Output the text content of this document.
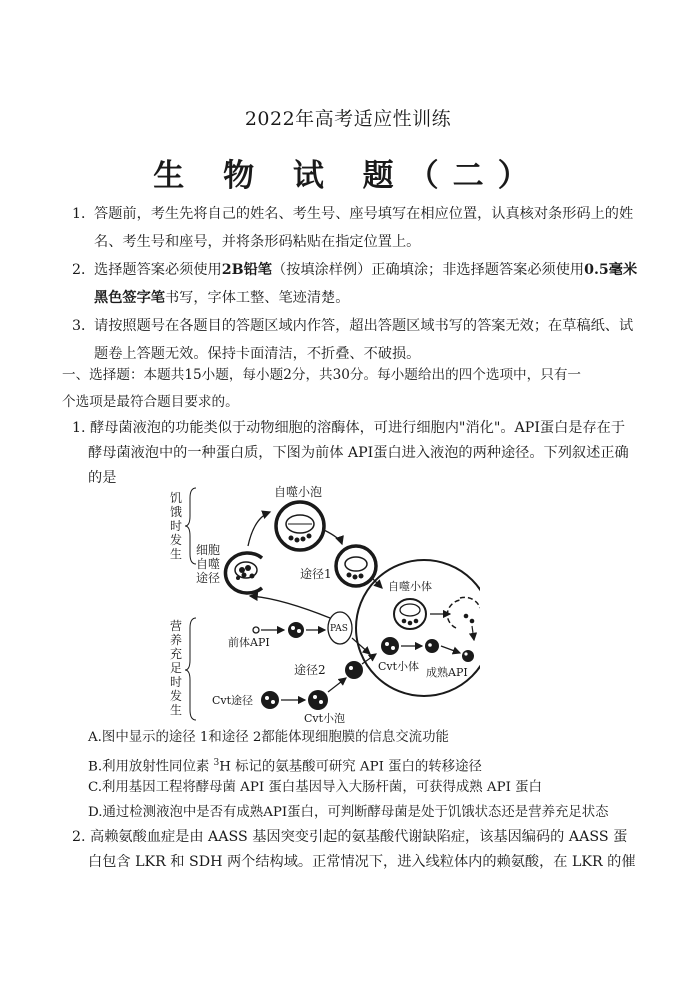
2022年高考适应性训练
生 物 试 题（二）
1．
答题前，考生先将自己的姓名、考生号、座号填写在相应位置，认真核对条形码上的姓
名、考生号和座号，并将条形码粘贴在指定位置上。
2．
选择题答案必须使用2B铅笔（按填涂样例）正确填涂；非选择题答案必须使用0.5毫米
黑色签字笔书写，字体工整、笔迹清楚。
3．
请按照题号在各题目的答题区域内作答，超出答题区域书写的答案无效；在草稿纸、试
题卷上答题无效。保持卡面清洁，不折叠、不破损。
一、选择题：本题共15小题，每小题2分，共30分。每小题给出的四个选项中，只有一
个选项是最符合题目要求的。
1. 酵母菌液泡的功能类似于动物细胞的溶酶体，可进行细胞内"消化"。API蛋白是存在于
酵母菌液泡中的一种蛋白质，下图为前体 API蛋白进入液泡的两种途径。下列叙述正确
的是
饥
饿
时
发
生 细胞
自噬
途径
自噬小泡
途径1
自噬小体
营
养
充
足
时
发
生
PAS
前体API
Cvt小体 成熟API
途径2
Cvt途径
Cvt小泡
A.图中显示的途径 1和途径 2都能体现细胞膜的信息交流功能
B.利用放射性同位素 $^3$H 标记的氨基酸可研究 API 蛋白的转移途径
C.利用基因工程将酵母菌 API 蛋白基因导入大肠杆菌，可获得成熟 API 蛋白
D.通过检测液泡中是否有成熟API蛋白，可判断酵母菌是处于饥饿状态还是营养充足状态
2. 高赖氨酸血症是由 AASS 基因突变引起的氨基酸代谢缺陷症，该基因编码的 AASS 蛋
白包含 LKR 和 SDH 两个结构域。正常情况下，进入线粒体内的赖氨酸，在 LKR 的催
